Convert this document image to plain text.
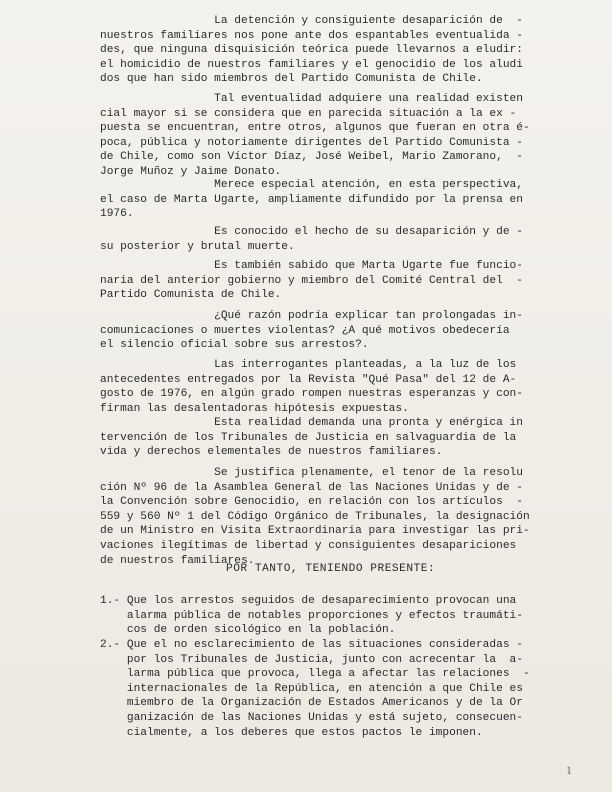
La detención y consiguiente desaparición de  -
nuestros familiares nos pone ante dos espantables eventualida -
des, que ninguna disquisición teórica puede llevarnos a eludir:
el homicidio de nuestros familiares y el genocidio de los aludi
dos que han sido miembros del Partido Comunista de Chile.

Tal eventualidad adquiere una realidad existen
cial mayor si se considera que en parecida situación a la ex -
puesta se encuentran, entre otros, algunos que fueran en otra é-
poca, pública y notoriamente dirigentes del Partido Comunista -
de Chile, como son Víctor Díaz, José Weibel, Mario Zamorano,  -
Jorge Muñoz y Jaime Donato.

Merece especial atención, en esta perspectiva,
el caso de Marta Ugarte, ampliamente difundido por la prensa en
1976.

Es conocido el hecho de su desaparición y de -
su posterior y brutal muerte.

Es también sabido que Marta Ugarte fue funcio-
naria del anterior gobierno y miembro del Comité Central del  -
Partido Comunista de Chile.

¿Qué razón podría explicar tan prolongadas in-
comunicaciones o muertes violentas? ¿A qué motivos obedecería
el silencio oficial sobre sus arrestos?.

Las interrogantes planteadas, a la luz de los
antecedentes entregados por la Revista "Qué Pasa" del 12 de A-
gosto de 1976, en algún grado rompen nuestras esperanzas y con-
firman las desalentadoras hipótesis expuestas.

Esta realidad demanda una pronta y enérgica in
tervención de los Tribunales de Justicia en salvaguardia de la
vida y derechos elementales de nuestros familiares.

Se justifica plenamente, el tenor de la resolu
ción Nº 96 de la Asamblea General de las Naciones Unidas y de -
la Convención sobre Genocidio, en relación con los artículos  -
559 y 560 Nº 1 del Código Orgánico de Tribunales, la designación
de un Ministro en Visita Extraordinaria para investigar las pri-
vaciones ilegítimas de libertad y consiguientes desapariciones
de nuestros familiares.

POR TANTO, TENIENDO PRESENTE:

1.- Que los arrestos seguidos de desaparecimiento provocan una
alarma pública de notables proporciones y efectos traumáti-
cos de orden sicológico en la población.

2.- Que el no esclarecimiento de las situaciones consideradas -
por los Tribunales de Justicia, junto con acrecentar la  a-
larma pública que provoca, llega a afectar las relaciones  -
internacionales de la República, en atención a que Chile es
miembro de la Organización de Estados Americanos y de la Or
ganización de las Naciones Unidas y está sujeto, consecuen-
cialmente, a los deberes que estos pactos le imponen.

1
